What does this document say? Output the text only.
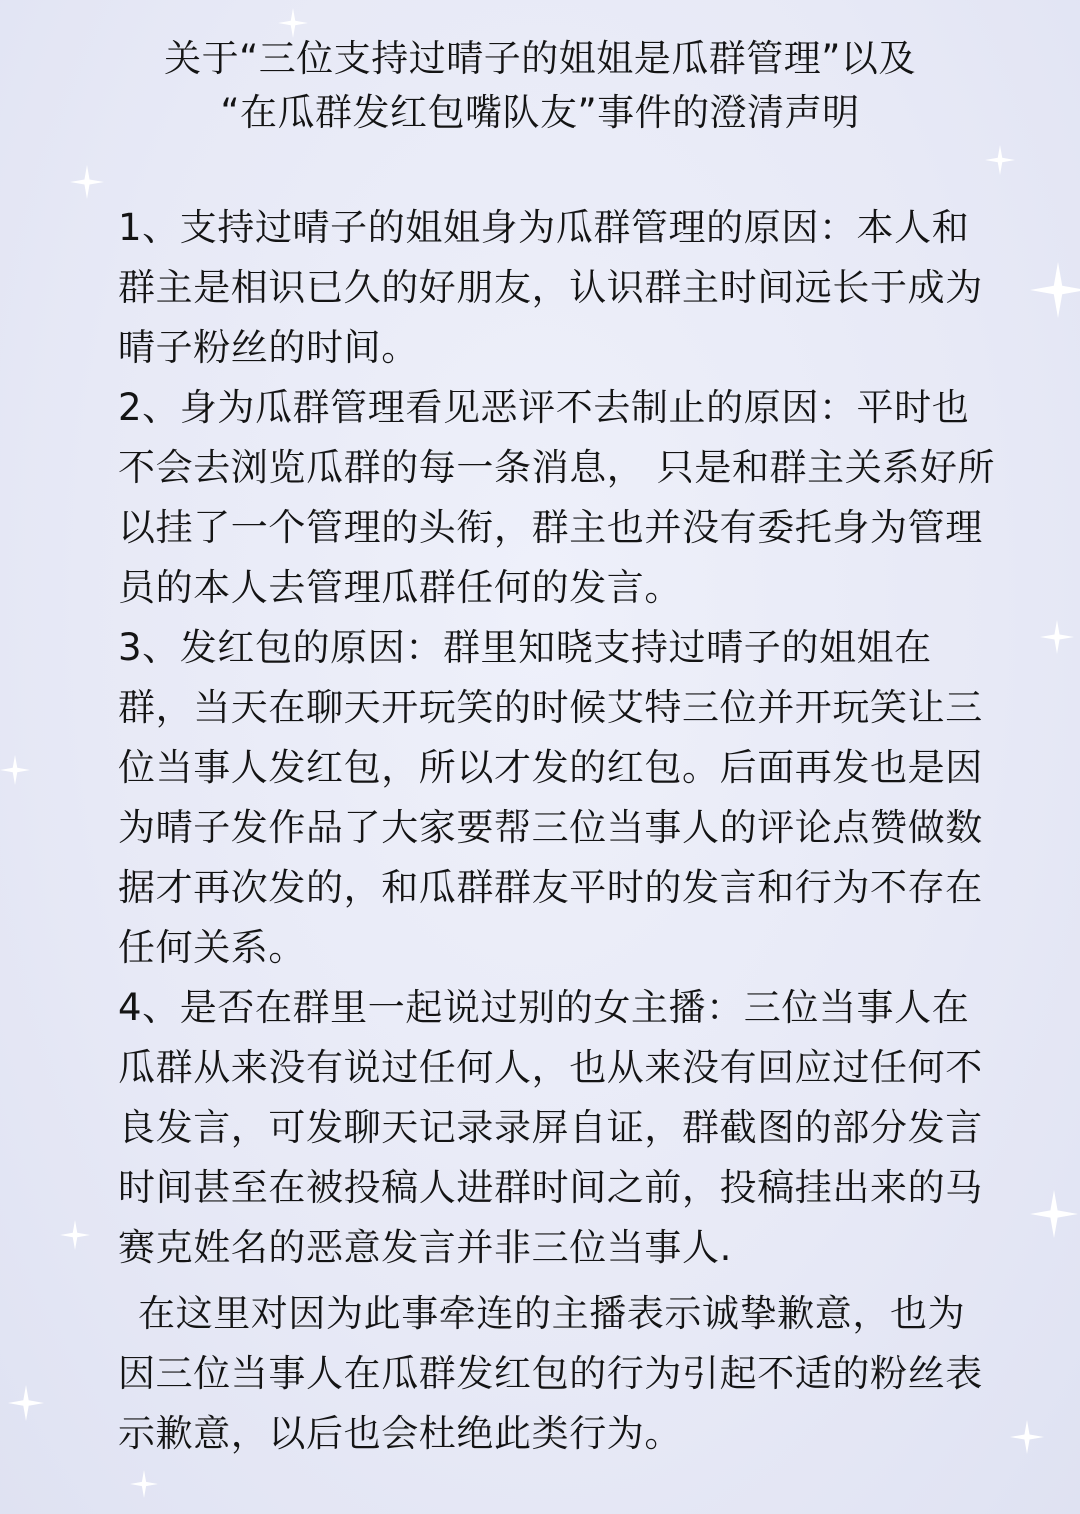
关于“三位支持过晴子的姐姐是瓜群管理”以及
“在瓜群发红包嘴队友”事件的澄清声明

1、支持过晴子的姐姐身为瓜群管理的原因：本人和群主是相识已久的好朋友，认识群主时间远长于成为晴子粉丝的时间。

2、身为瓜群管理看见恶评不去制止的原因：平时也不会去浏览瓜群的每一条消息， 只是和群主关系好所以挂了一个管理的头衔，群主也并没有委托身为管理员的本人去管理瓜群任何的发言。

3、发红包的原因：群里知晓支持过晴子的姐姐在群，当天在聊天开玩笑的时候艾特三位并开玩笑让三位当事人发红包，所以才发的红包。后面再发也是因为晴子发作品了大家要帮三位当事人的评论点赞做数据才再次发的，和瓜群群友平时的发言和行为不存在任何关系。

4、是否在群里一起说过别的女主播：三位当事人在瓜群从来没有说过任何人，也从来没有回应过任何不良发言，可发聊天记录录屏自证，群截图的部分发言时间甚至在被投稿人进群时间之前，投稿挂出来的马赛克姓名的恶意发言并非三位当事人.

在这里对因为此事牵连的主播表示诚挚歉意，也为因三位当事人在瓜群发红包的行为引起不适的粉丝表示歉意，以后也会杜绝此类行为。
